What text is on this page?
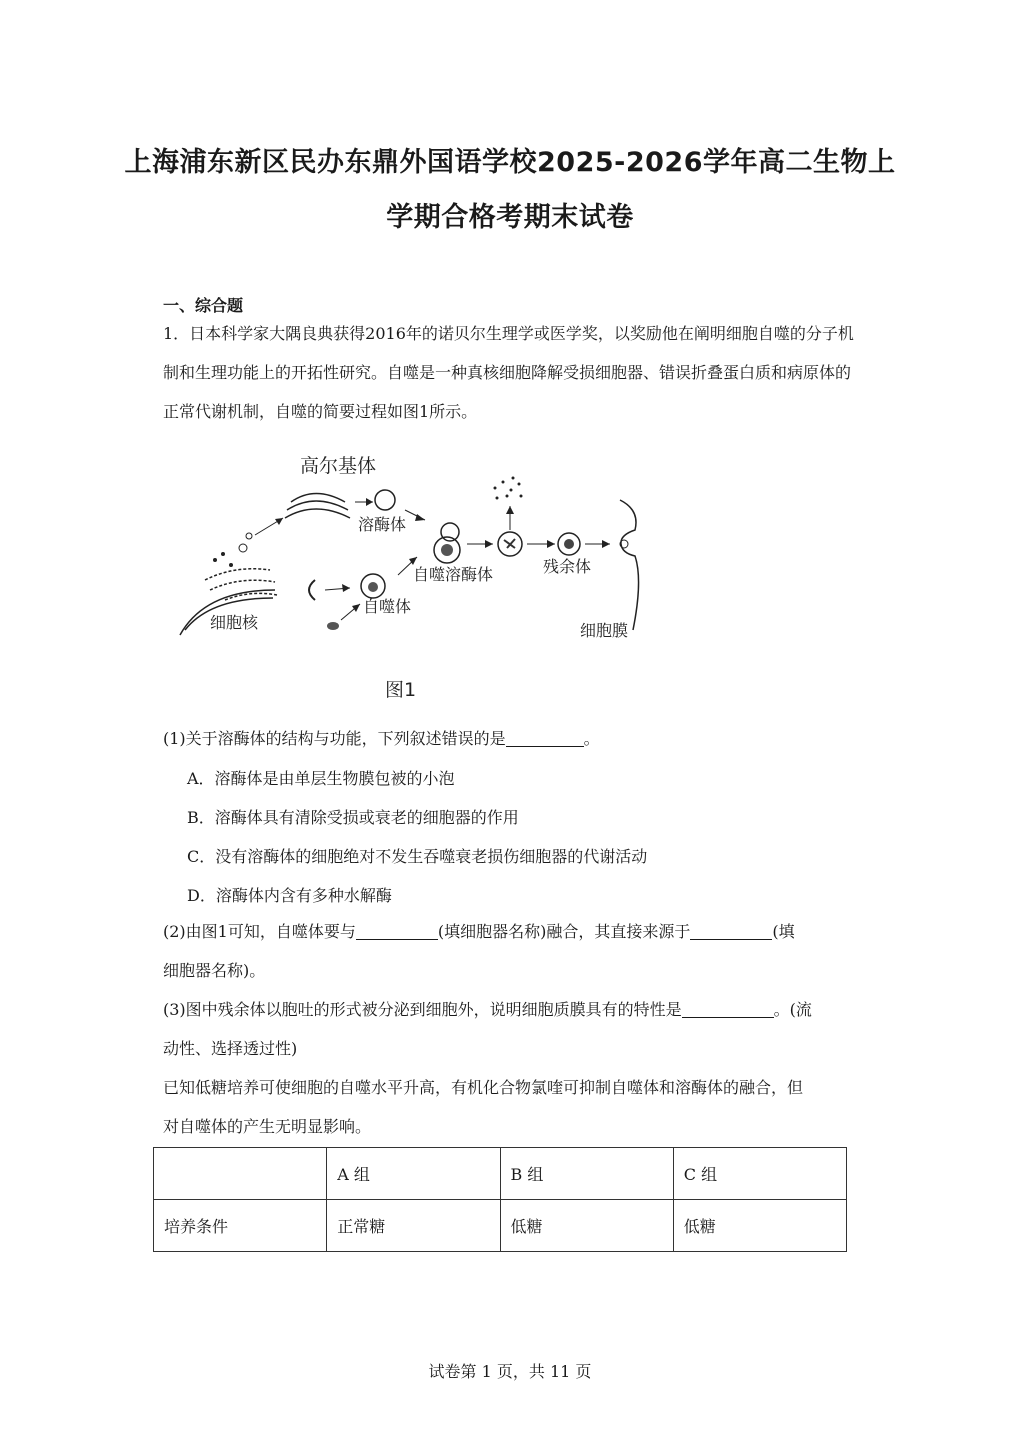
上海浦东新区民办东鼎外国语学校2025-2026学年高二生物上
学期合格考期末试卷
一、综合题
1．日本科学家大隅良典获得2016年的诺贝尔生理学或医学奖，以奖励他在阐明细胞自噬的分子机制和生理功能上的开拓性研究。自噬是一种真核细胞降解受损细胞器、错误折叠蛋白质和病原体的正常代谢机制，自噬的简要过程如图1所示。
细胞核
高尔基体
溶酶体
自噬体
自噬溶酶体	残余体
细胞膜
图1
(1)关于溶酶体的结构与功能，下列叙述错误的是	。
A．溶酶体是由单层生物膜包被的小泡
B．溶酶体具有清除受损或衰老的细胞器的作用
C．没有溶酶体的细胞绝对不发生吞噬衰老损伤细胞器的代谢活动
D．溶酶体内含有多种水解酶
(2)由图1可知，自噬体要与	(填细胞器名称)融合，其直接来源于	(填
细胞器名称)。
(3)图中残余体以胞吐的形式被分泌到细胞外，说明细胞质膜具有的特性是	。(流
动性、选择透过性)
已知低糖培养可使细胞的自噬水平升高，有机化合物氯喹可抑制自噬体和溶酶体的融合，但
对自噬体的产生无明显影响。
	A 组	B 组	C 组
培养条件	正常糖	低糖	低糖
试卷第 1 页，共 11 页
